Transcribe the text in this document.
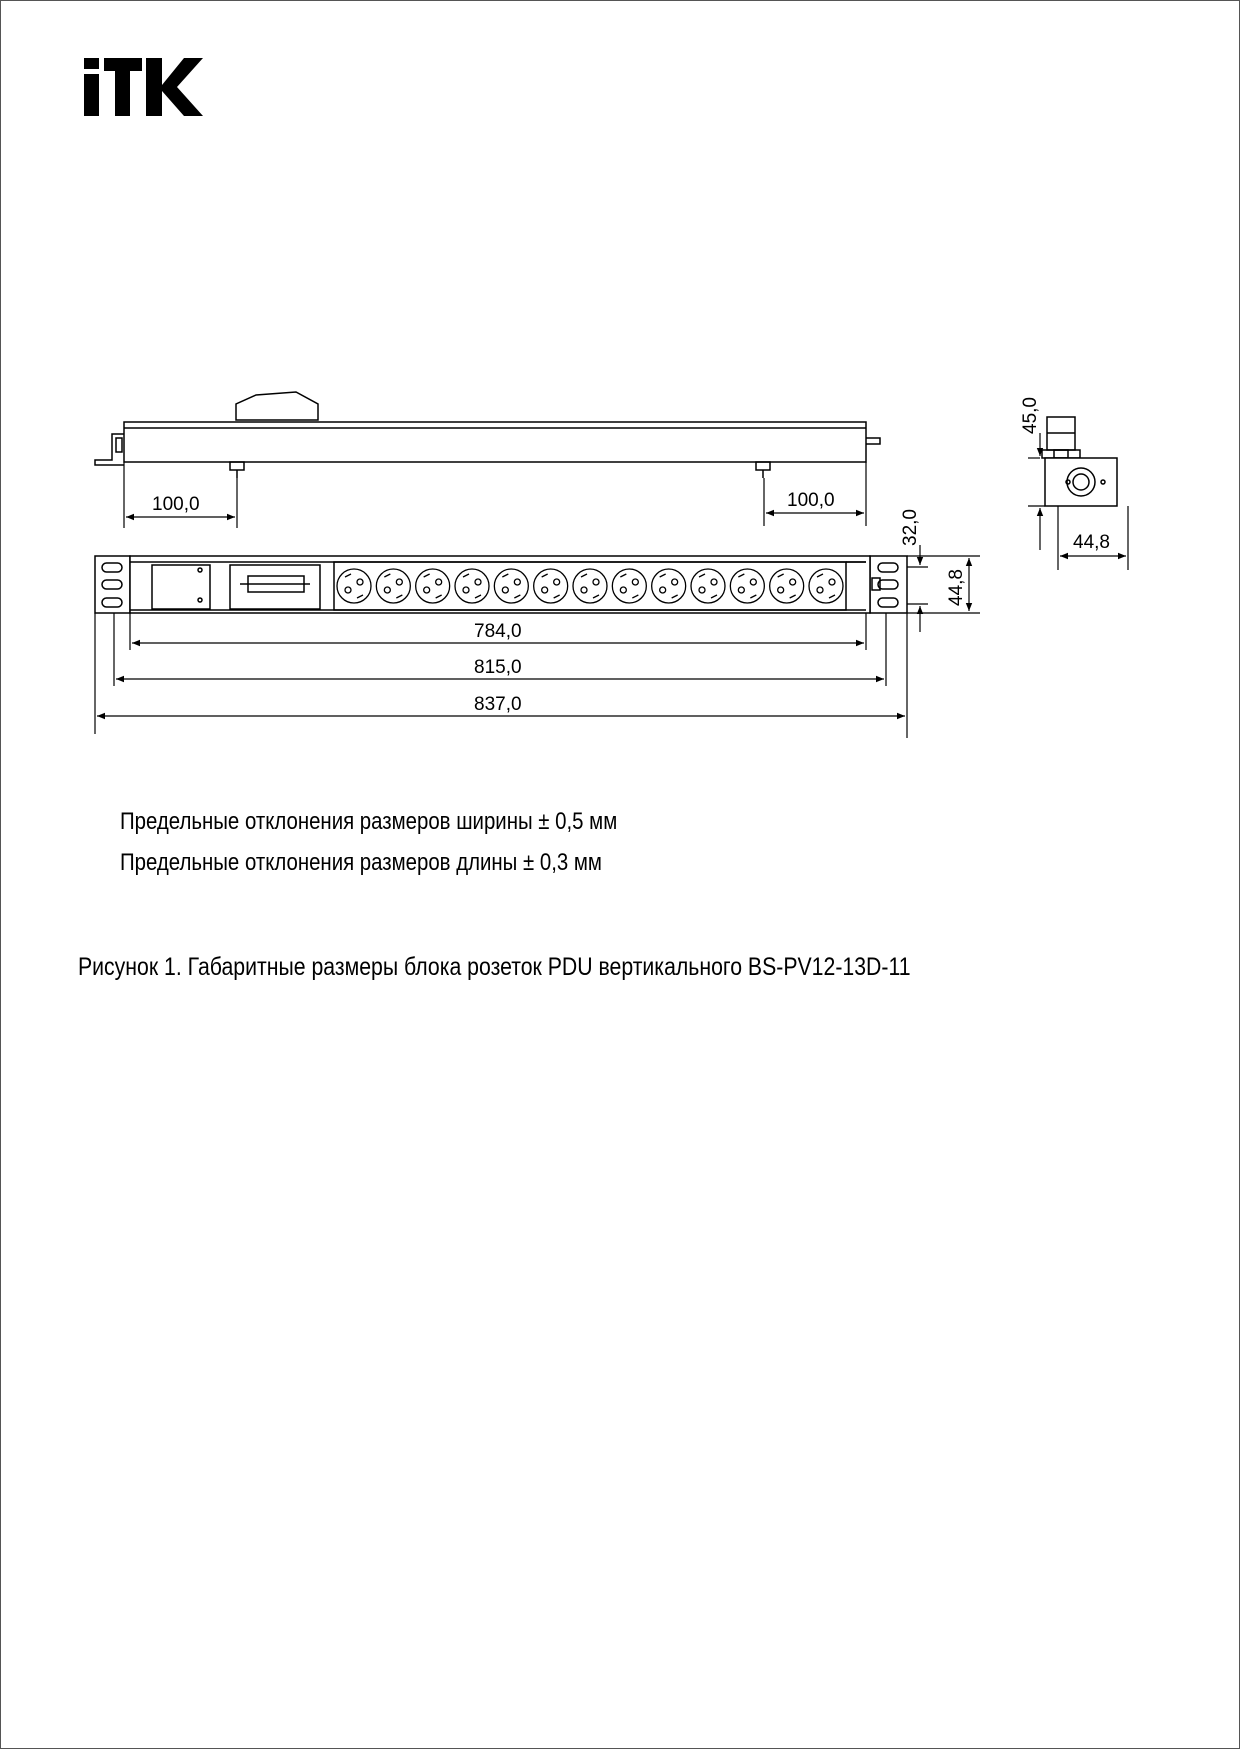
100,0	100,0
784,0
815,0
837,0
32,0
44,8
45,0
44,8
Предельные отклонения размеров ширины ± 0,5 мм
Предельные отклонения размеров длины ± 0,3 мм
Рисунок 1. Габаритные размеры блока розеток PDU вертикального BS-PV12-13D-11
